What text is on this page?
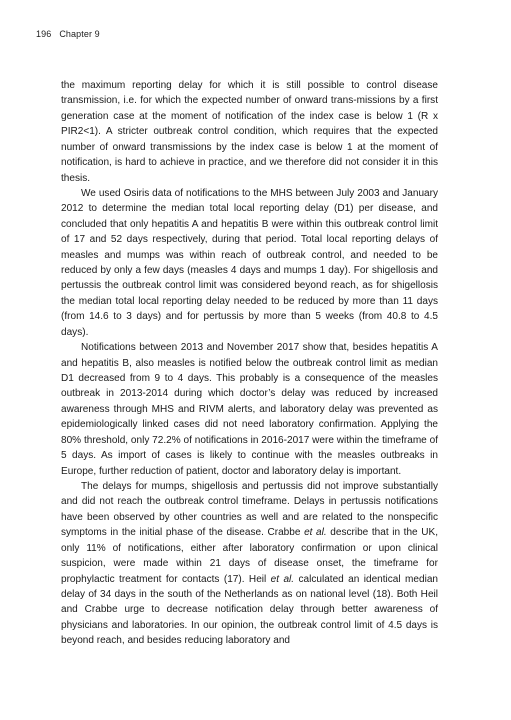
196 Chapter 9

the maximum reporting delay for which it is still possible to control disease transmission, i.e. for which the expected number of onward trans-missions by a first generation case at the moment of notification of the index case is below 1 (R x PIR2<1). A stricter outbreak control condition, which requires that the expected number of onward transmissions by the index case is below 1 at the moment of notification, is hard to achieve in practice, and we therefore did not consider it in this thesis.

We used Osiris data of notifications to the MHS between July 2003 and January 2012 to determine the median total local reporting delay (D1) per disease, and concluded that only hepatitis A and hepatitis B were within this outbreak control limit of 17 and 52 days respectively, during that period. Total local reporting delays of measles and mumps was within reach of outbreak control, and needed to be reduced by only a few days (measles 4 days and mumps 1 day). For shigellosis and pertussis the outbreak control limit was considered beyond reach, as for shigellosis the median total local reporting delay needed to be reduced by more than 11 days (from 14.6 to 3 days) and for pertussis by more than 5 weeks (from 40.8 to 4.5 days).

Notifications between 2013 and November 2017 show that, besides hepatitis A and hepatitis B, also measles is notified below the outbreak control limit as median D1 decreased from 9 to 4 days. This probably is a consequence of the measles outbreak in 2013-2014 during which doctor’s delay was reduced by increased awareness through MHS and RIVM alerts, and laboratory delay was prevented as epidemiologically linked cases did not need laboratory confirmation. Applying the 80% threshold, only 72.2% of notifications in 2016-2017 were within the timeframe of 5 days. As import of cases is likely to continue with the measles outbreaks in Europe, further reduction of patient, doctor and laboratory delay is important.

The delays for mumps, shigellosis and pertussis did not improve substantially and did not reach the outbreak control timeframe. Delays in pertussis notifications have been observed by other countries as well and are related to the nonspecific symptoms in the initial phase of the disease. Crabbe et al. describe that in the UK, only 11% of notifications, either after laboratory confirmation or upon clinical suspicion, were made within 21 days of disease onset, the timeframe for prophylactic treatment for contacts (17). Heil et al. calculated an identical median delay of 34 days in the south of the Netherlands as on national level (18). Both Heil and Crabbe urge to decrease notification delay through better awareness of physicians and laboratories. In our opinion, the outbreak control limit of 4.5 days is beyond reach, and besides reducing laboratory and
